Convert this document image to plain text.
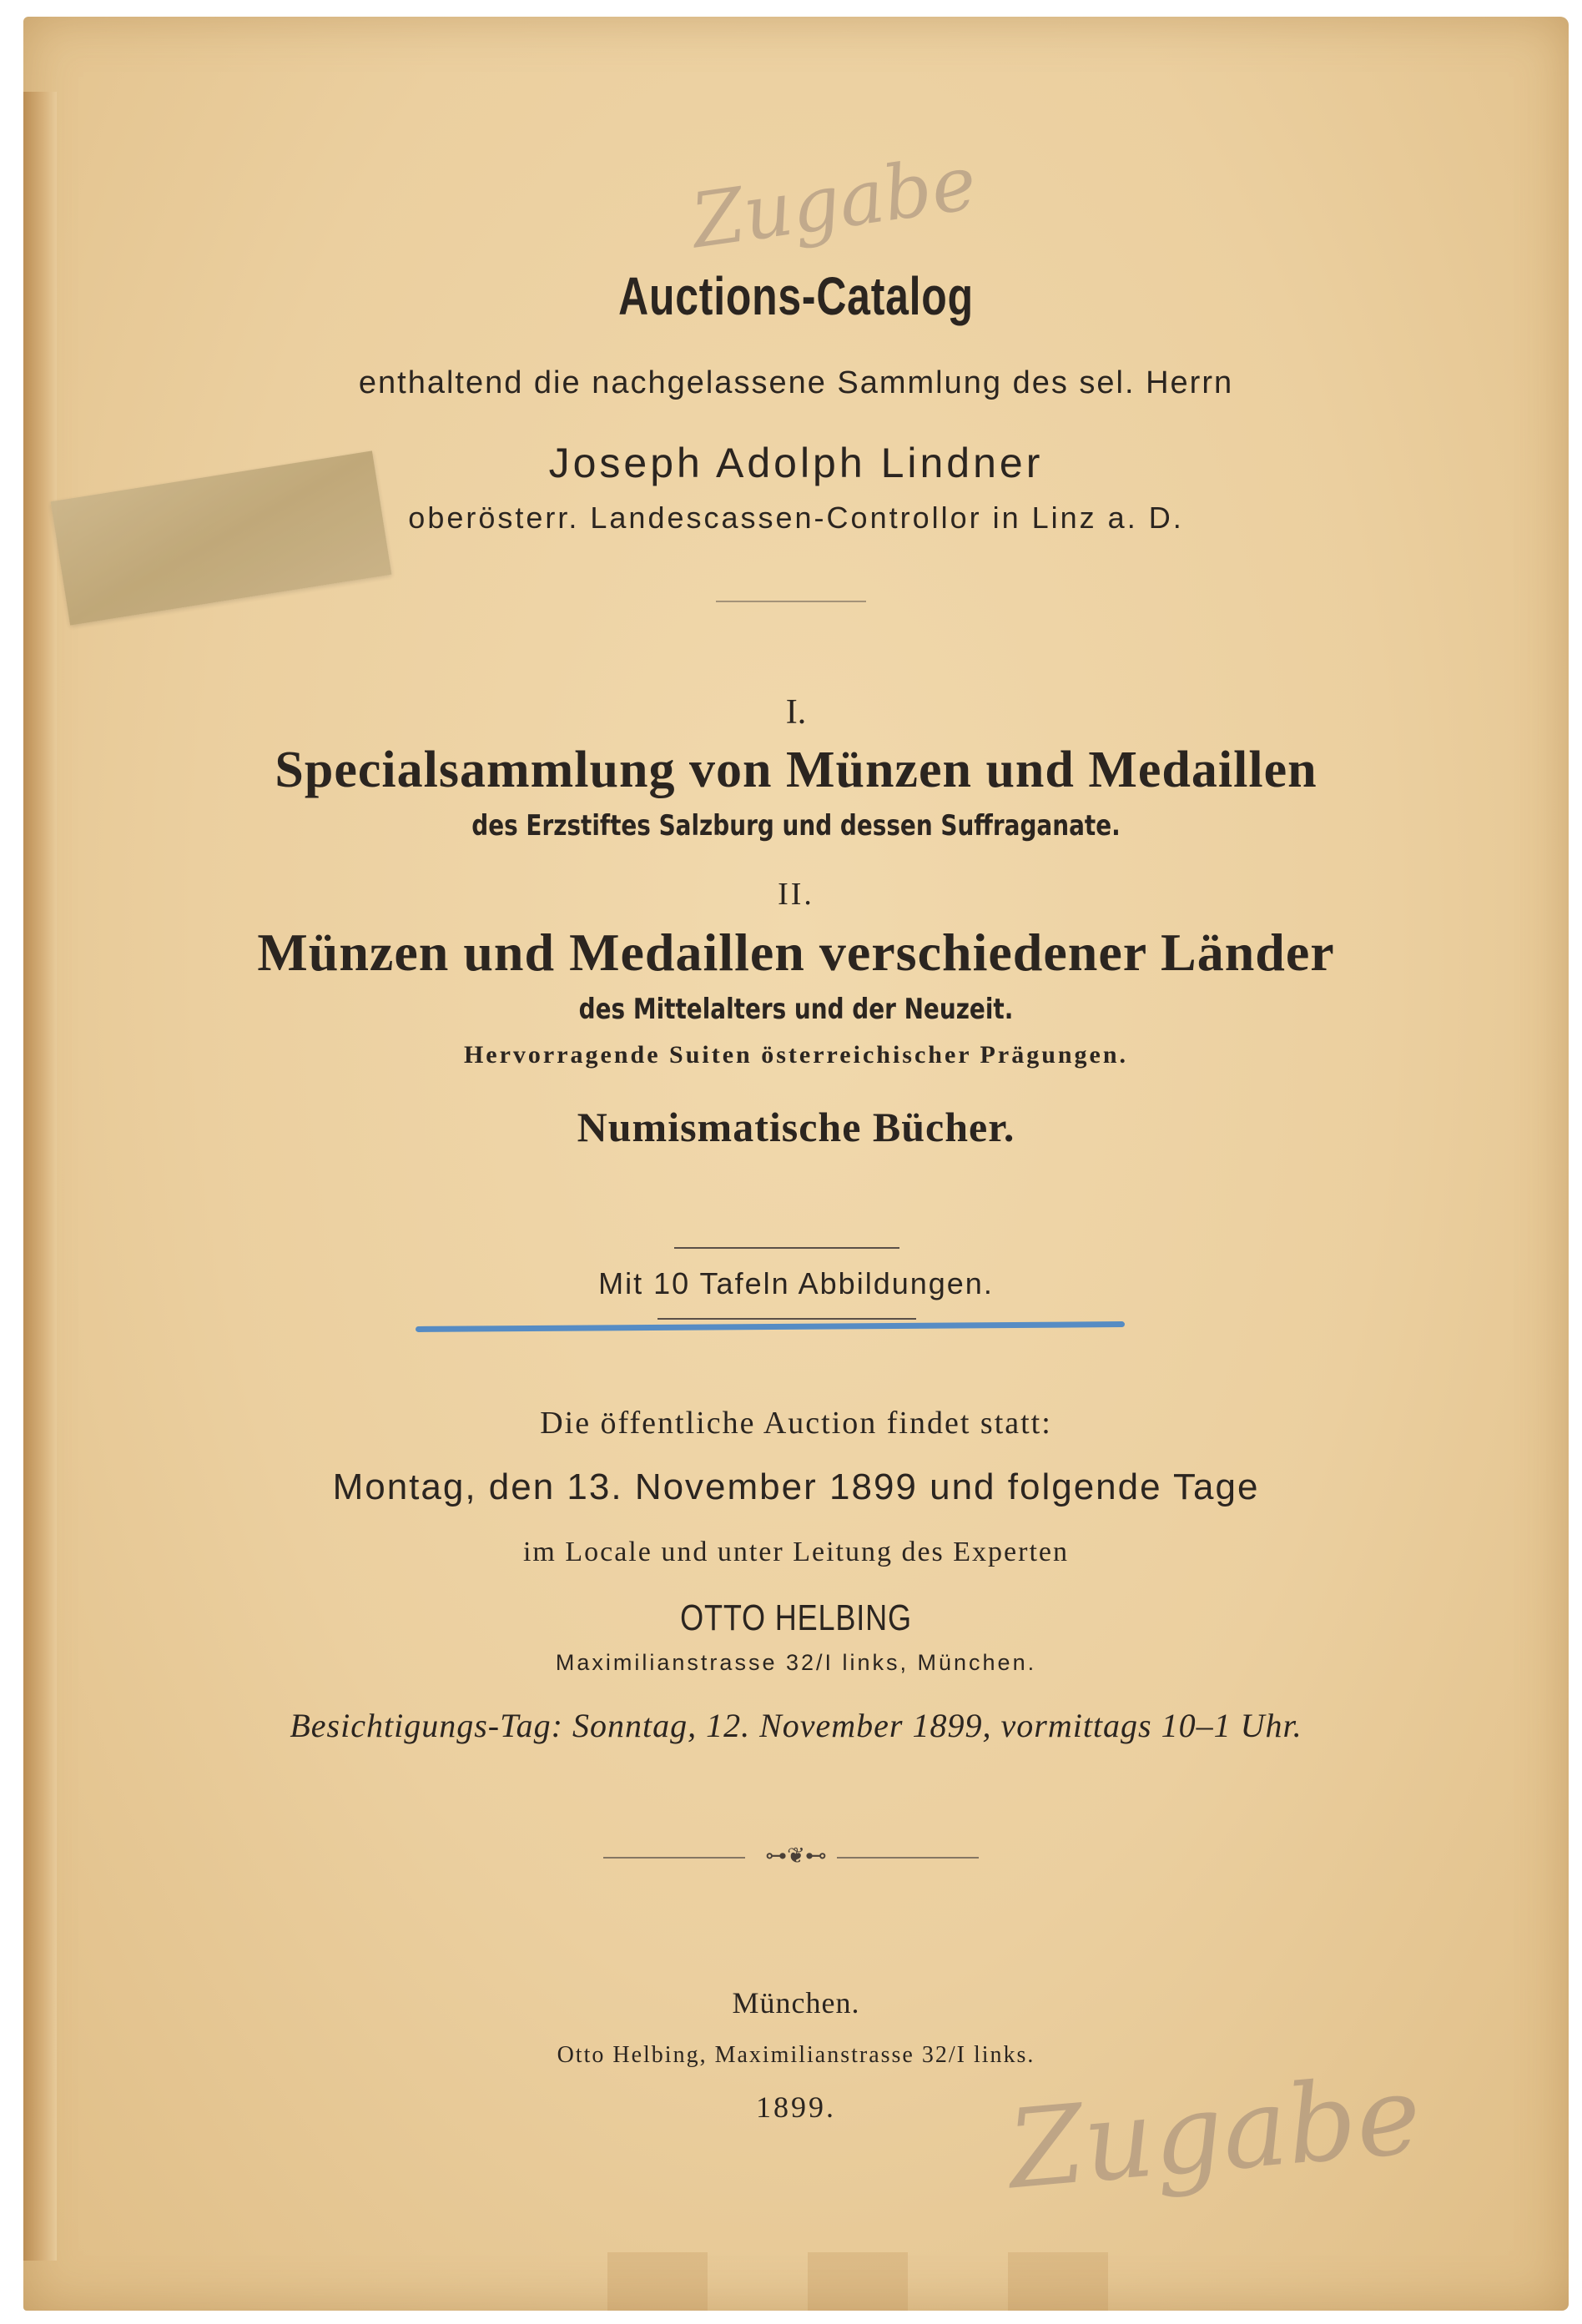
Zugabe
Auctions-Catalog
enthaltend die nachgelassene Sammlung des sel. Herrn
Joseph Adolph Lindner
oberösterr. Landescassen-Controllor in Linz a. D.
I.
Specialsammlung von Münzen und Medaillen
des Erzstiftes Salzburg und dessen Suffraganate.
II.
Münzen und Medaillen verschiedener Länder
des Mittelalters und der Neuzeit.
Hervorragende Suiten österreichischer Prägungen.
Numismatische Bücher.
Mit 10 Tafeln Abbildungen.
Die öffentliche Auction findet statt:
Montag, den 13. November 1899 und folgende Tage
im Locale und unter Leitung des Experten
OTTO HELBING
Maximilianstrasse 32/I links, München.
Besichtigungs-Tag: Sonntag, 12. November 1899, vormittags 10–1 Uhr.
⊶❦⊷
München.
Otto Helbing, Maximilianstrasse 32/I links.
1899.	Zugabe
